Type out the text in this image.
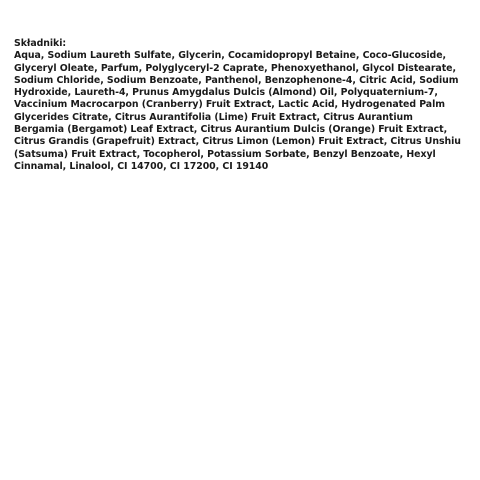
Składniki:
Aqua, Sodium Laureth Sulfate, Glycerin, Cocamidopropyl Betaine, Coco-Glucoside, Glyceryl Oleate, Parfum, Polyglyceryl-2 Caprate, Phenoxyethanol, Glycol Distearate, Sodium Chloride, Sodium Benzoate, Panthenol, Benzophenone-4, Citric Acid, Sodium Hydroxide, Laureth-4, Prunus Amygdalus Dulcis (Almond) Oil, Polyquaternium-7, Vaccinium Macrocarpon (Cranberry) Fruit Extract, Lactic Acid, Hydrogenated Palm Glycerides Citrate, Citrus Aurantifolia (Lime) Fruit Extract, Citrus Aurantium Bergamia (Bergamot) Leaf Extract, Citrus Aurantium Dulcis (Orange) Fruit Extract, Citrus Grandis (Grapefruit) Extract, Citrus Limon (Lemon) Fruit Extract, Citrus Unshiu (Satsuma) Fruit Extract, Tocopherol, Potassium Sorbate, Benzyl Benzoate, Hexyl Cinnamal, Linalool, CI 14700, CI 17200, CI 19140
